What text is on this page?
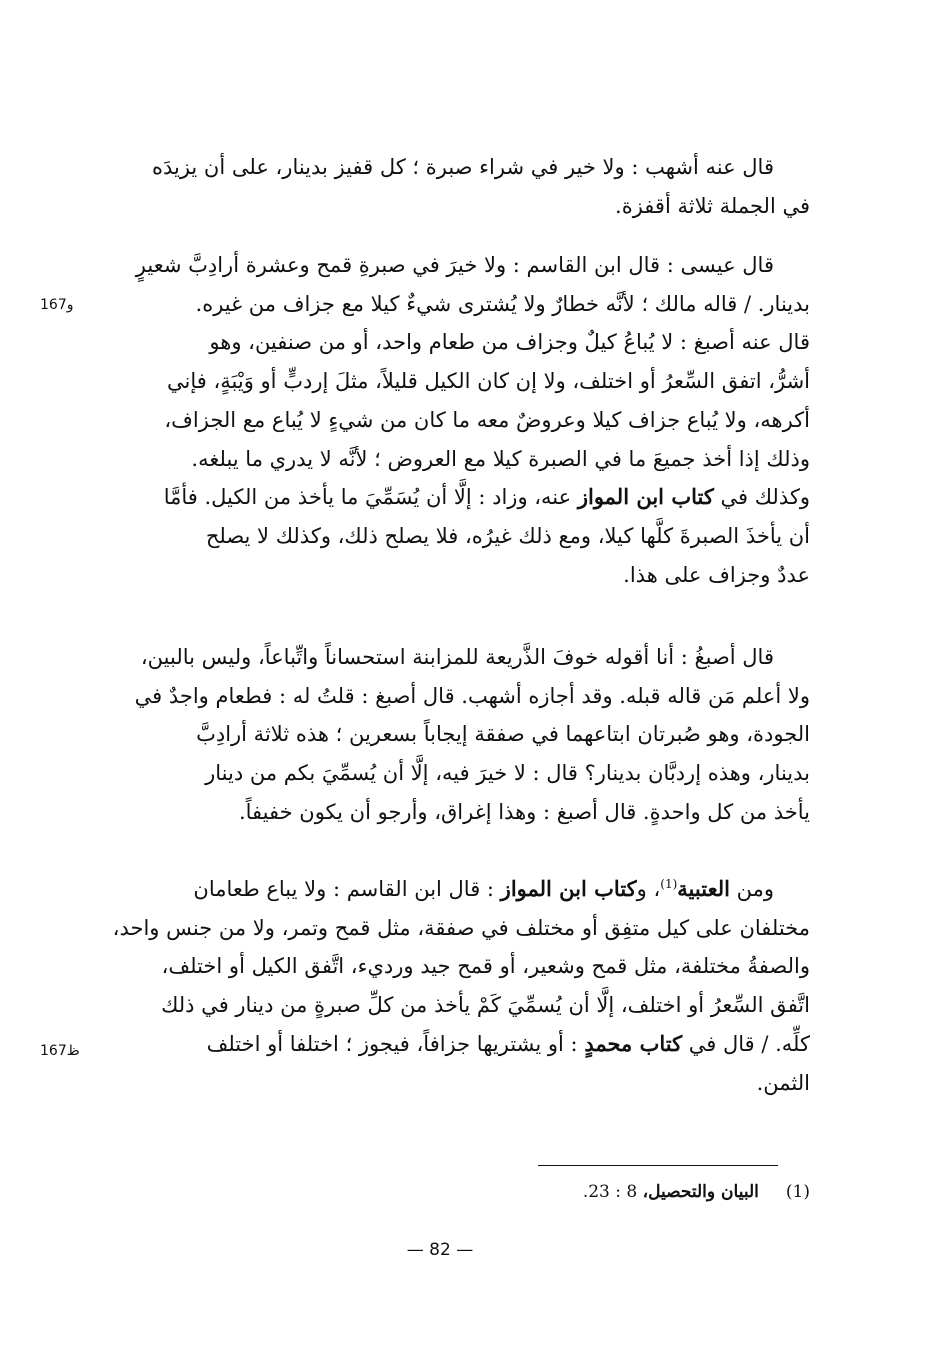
قال عنه أشهب : ولا خير في شراء صبرة ؛ كل قفيز بدينار، على أن يزيدَه
في الجملة ثلاثة أقفزة.
قال عيسى : قال ابن القاسم : ولا خيرَ في صبرةِ قمح وعشرة أرادِبَّ شعيرٍ
بدينار. / قاله مالك ؛ لأنَّه خطارٌ ولا يُشترى شيءٌ كيلا مع جزاف من غيره.
قال عنه أصبغ : لا يُباعُ كيلٌ وجزاف من طعام واحد، أو من صنفين، وهو
أشرُّ، اتفق السِّعرُ أو اختلف، ولا إن كان الكيل قليلاً، مثلَ إردبٍّ أو وَيْبَةٍ، فإني
أكرهه، ولا يُباع جزاف كيلا وعروضٌ معه ما كان من شيءٍ لا يُباع مع الجزاف،
وذلك إذا أخذ جميعَ ما في الصبرة كيلا مع العروض ؛ لأنَّه لا يدري ما يبلغه.
وكذلك في كتاب ابن المواز عنه، وزاد : إلَّا أن يُسَمِّيَ ما يأخذ من الكيل. فأمَّا
أن يأخذَ الصبرةَ كلَّها كيلا، ومع ذلك غيرُه، فلا يصلح ذلك، وكذلك لا يصلح
عددٌ وجزاف على هذا.
قال أصبغُ : أنا أقوله خوفَ الذَّريعة للمزابنة استحساناً واتِّباعاً، وليس بالبين،
ولا أعلم مَن قاله قبله. وقد أجازه أشهب. قال أصبغ : قلتُ له : فطعام واجدٌ في
الجودة، وهو صُبرتان ابتاعهما في صفقة إيجاباً بسعرين ؛ هذه ثلاثة أرادِبَّ
بدينار، وهذه إردبَّان بدينار؟ قال : لا خيرَ فيه، إلَّا أن يُسمِّيَ بكم من دينار
يأخذ من كل واحدةٍ. قال أصبغ : وهذا إغراق، وأرجو أن يكون خفيفاً.
ومن العتبية$^{(1)}$، وكتاب ابن المواز : قال ابن القاسم : ولا يباع طعامان
مختلفان على كيل متفِق أو مختلف في صفقة، مثل قمح وتمر، ولا من جنس واحد،
والصفةُ مختلفة، مثل قمح وشعير، أو قمح جيد ورديء، اتَّفق الكيل أو اختلف،
اتَّفق السِّعرُ أو اختلف، إلَّا أن يُسمِّيَ كَمْ يأخذ من كلِّ صبرةٍ من دينار في ذلك
كلِّه. / قال في كتاب محمدٍ : أو يشتريها جزافاً، فيجوز ؛ اختلفا أو اختلف
الثمن.
167و
167ظ
(1)     البيان والتحصيل، 8 : 23.
— 82 —
